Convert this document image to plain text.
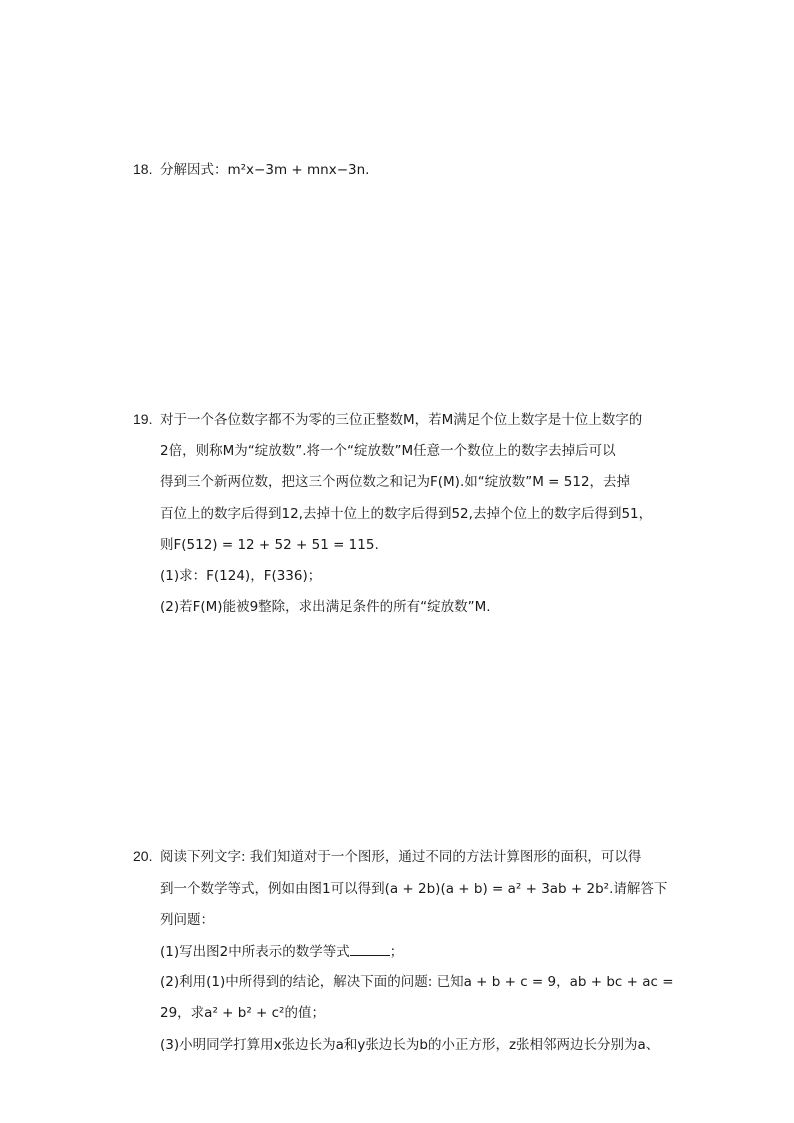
18. 分解因式：m²x−3m + mnx−3n.
19. 对于一个各位数字都不为零的三位正整数M，若M满足个位上数字是十位上数字的
2倍，则称M为“绽放数”.将一个“绽放数”M任意一个数位上的数字去掉后可以
得到三个新两位数，把这三个两位数之和记为F(M).如“绽放数”M = 512，去掉
百位上的数字后得到12,去掉十位上的数字后得到52,去掉个位上的数字后得到51，
则F(512) = 12 + 52 + 51 = 115.
(1)求：F(124)，F(336)；
(2)若F(M)能被9整除，求出满足条件的所有“绽放数”M.
20. 阅读下列文字: 我们知道对于一个图形，通过不同的方法计算图形的面积，可以得
到一个数学等式，例如由图1可以得到(a + 2b)(a + b) = a² + 3ab + 2b².请解答下
列问题：
(1)写出图2中所表示的数学等式	；
(2)利用(1)中所得到的结论，解决下面的问题: 已知a + b + c = 9，ab + bc + ac =
29，求a² + b² + c²的值；
(3)小明同学打算用x张边长为a和y张边长为b的小正方形，z张相邻两边长分别为a、
